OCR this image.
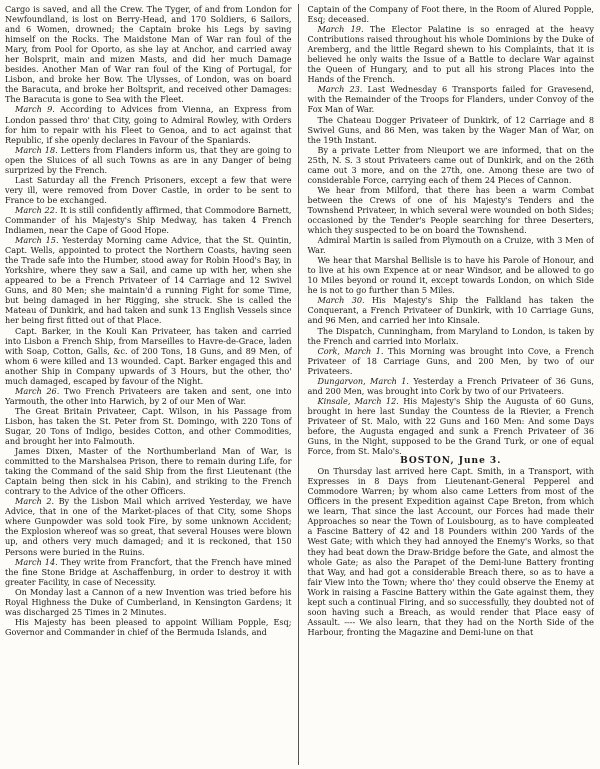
Cargo is saved, and all the Crew. The Tyger, of and from London for Newfoundland, is lost on Berry-Head, and 170 Soldiers, 6 Sailors, and 6 Women, drowned; the Captain broke his Legs by saving himself on the Rocks. The Maidstone Man of War ran foul of the Mary, from Pool for Oporto, as she lay at Anchor, and carried away her Bolsprit, main and mizen Masts, and did her much Damage besides. Another Man of War ran foul of the King of Portugal, for Lisbon, and broke her Bow. The Ulysses, of London, was on board the Baracuta, and broke her Boltsprit, and received other Damages: The Baracuta is gone to Sea with the Fleet.

March 9. According to Advices from Vienna, an Express from London passed thro' that City, going to Admiral Rowley, with Orders for him to repair with his Fleet to Genoa, and to act against that Republic, if she openly declares in Favour of the Spaniards.

March 18. Letters from Flanders inform us, that they are going to open the Sluices of all such Towns as are in any Danger of being surprized by the French.

Last Saturday all the French Prisoners, except a few that were very ill, were removed from Dover Castle, in order to be sent to France to be exchanged.

March 22. It is still confidently affirmed, that Commodore Barnett, Commander of his Majesty's Ship Medway, has taken 4 French Indiamen, near the Cape of Good Hope.

March 15. Yesterday Morning came Advice, that the St. Quintin, Capt. Wells, appointed to protect the Northern Coasts, having seen the Trade safe into the Humber, stood away for Robin Hood's Bay, in Yorkshire, where they saw a Sail, and came up with her, when she appeared to be a French Privateer of 14 Carriage and 12 Swivel Guns, and 80 Men; she maintain'd a running Fight for some Time, but being damaged in her Rigging, she struck. She is called the Mateau of Dunkirk, and had taken and sunk 13 English Vessels since her being first fitted out of that Place.

Capt. Barker, in the Kouli Kan Privateer, has taken and carried into Lisbon a French Ship, from Marseilles to Havre-de-Grace, laden with Soap, Cotton, Galls, &c. of 200 Tons, 18 Guns, and 89 Men, of whom 6 were killed and 13 wounded. Capt. Barker engaged this and another Ship in Company upwards of 3 Hours, but the other, tho' much damaged, escaped by favour of the Night.

March 26. Two French Privateers are taken and sent, one into Yarmouth, the other into Harwich, by 2 of our Men of War.

The Great Britain Privateer, Capt. Wilson, in his Passage from Lisbon, has taken the St. Peter from St. Domingo, with 220 Tons of Sugar, 20 Tons of Indigo, besides Cotton, and other Commodities, and brought her into Falmouth.

James Dixen, Master of the Northumberland Man of War, is committed to the Marshalsea Prison, there to remain during Life, for taking the Command of the said Ship from the first Lieutenant (the Captain being then sick in his Cabin), and striking to the French contrary to the Advice of the other Officers.

March 2. By the Lisbon Mail which arrived Yesterday, we have Advice, that in one of the Market-places of that City, some Shops where Gunpowder was sold took Fire, by some unknown Accident; the Explosion whereof was so great, that several Houses were blown up, and others very much damaged; and it is reckoned, that 150 Persons were buried in the Ruins.

March 14. They write from Francfort, that the French have mined the fine Stone Bridge at Aschaffenburg, in order to destroy it with greater Facility, in case of Necessity.

On Monday last a Cannon of a new Invention was tried before his Royal Highness the Duke of Cumberland, in Kensington Gardens; it was discharged 25 Times in 2 Minutes.

His Majesty has been pleased to appoint William Popple, Esq; Governor and Commander in chief of the Bermuda Islands, and

Captain of the Company of Foot there, in the Room of Alured Popple, Esq; deceased.

March 19. The Elector Palatine is so enraged at the heavy Contributions raised throughout his whole Dominions by the Duke of Aremberg, and the little Regard shewn to his Complaints, that it is believed he only waits the Issue of a Battle to declare War against the Queen of Hungary, and to put all his strong Places into the Hands of the French.

March 23. Last Wednesday 6 Transports failed for Gravesend, with the Remainder of the Troops for Flanders, under Convoy of the Fox Man of War.

The Chateau Dogger Privateer of Dunkirk, of 12 Carriage and 8 Swivel Guns, and 86 Men, was taken by the Wager Man of War, on the 19th Instant.

By a private Letter from Nieuport we are informed, that on the 25th, N. S. 3 stout Privateers came out of Dunkirk, and on the 26th came out 3 more, and on the 27th, one. Among these are two of considerable Force, carrying each of them 24 Pieces of Cannon.

We hear from Milford, that there has been a warm Combat between the Crews of one of his Majesty's Tenders and the Townshend Privateer, in which several were wounded on both Sides; occasioned by the Tender's People searching for three Deserters, which they suspected to be on board the Townshend.

Admiral Martin is sailed from Plymouth on a Cruize, with 3 Men of War.

We hear that Marshal Bellisle is to have his Parole of Honour, and to live at his own Expence at or near Windsor, and be allowed to go 10 Miles beyond or round it, except towards London, on which Side he is not to go further than 5 Miles.

March 30. His Majesty's Ship the Falkland has taken the Conquerant, a French Privateer of Dunkirk, with 10 Carriage Guns, and 96 Men, and carried her into Kinsale.

The Dispatch, Cunningham, from Maryland to London, is taken by the French and carried into Morlaix.

Cork, March 1. This Morning was brought into Cove, a French Privateer of 18 Carriage Guns, and 200 Men, by two of our Privateers.

Dungarvon, March 1. Yesterday a French Privateer of 36 Guns, and 200 Men, was brought into Cork by two of our Privateers.

Kinsale, March 12. His Majesty's Ship the Augusta of 60 Guns, brought in here last Sunday the Countess de la Rievier, a French Privateer of St. Malo, with 22 Guns and 160 Men: And some Days before, the Augusta engaged and sunk a French Privateer of 36 Guns, in the Night, supposed to be the Grand Turk, or one of equal Force, from St. Malo's.

BOSTON, June 3.

On Thursday last arrived here Capt. Smith, in a Transport, with Expresses in 8 Days from Lieutenant-General Pepperel and Commodore Warren; by whom also came Letters from most of the Officers in the present Expedition against Cape Breton, from which we learn, That since the last Account, our Forces had made their Approaches so near the Town of Louisbourg, as to have compleated a Fascine Battery of 42 and 18 Pounders within 200 Yards of the West Gate; with which they had annoyed the Enemy's Works, so that they had beat down the Draw-Bridge before the Gate, and almost the whole Gate; as also the Parapet of the Demi-lune Battery fronting that Way, and had got a considerable Breach there, so as to have a fair View into the Town; where tho' they could observe the Enemy at Work in raising a Fascine Battery within the Gate against them, they kept such a continual Firing, and so successfully, they doubted not of soon having such a Breach, as would render that Place easy of Assault. ---- We also learn, that they had on the North Side of the Harbour, fronting the Magazine and Demi-lune on that
